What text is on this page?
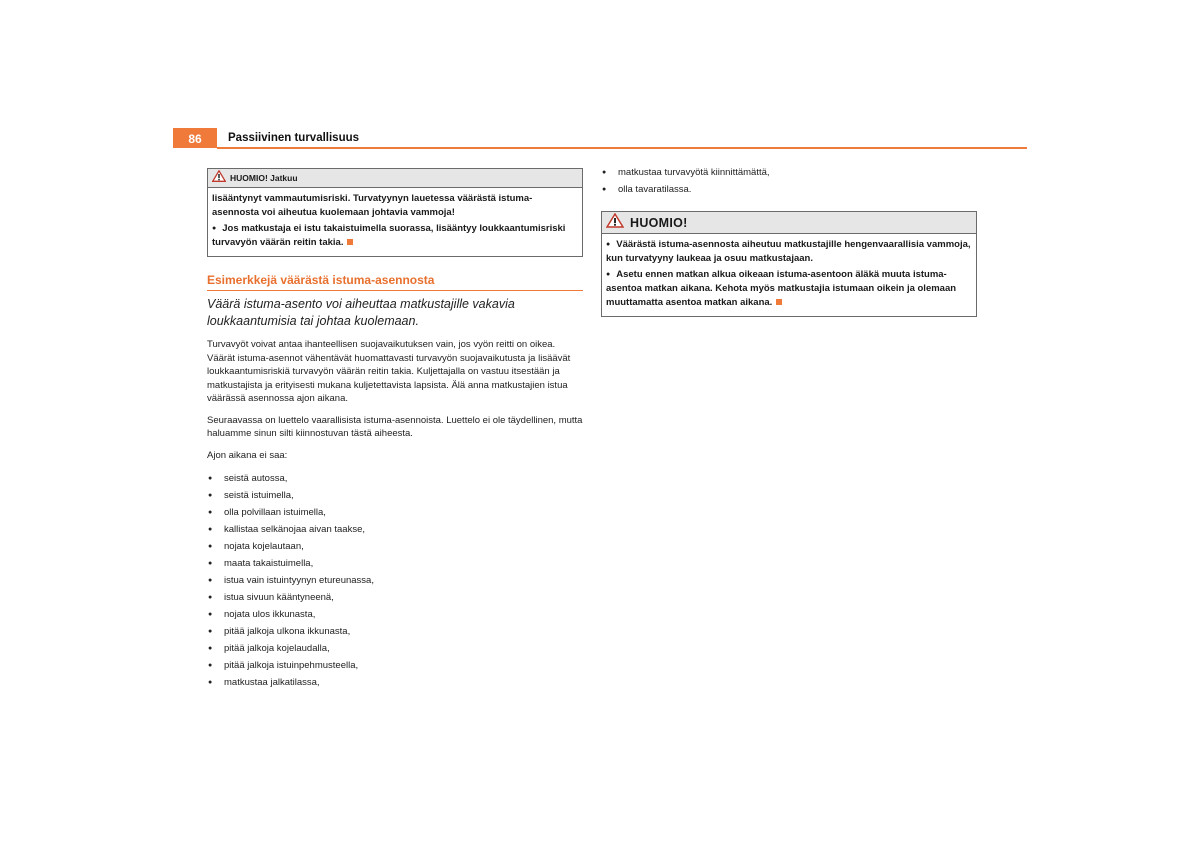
86	Passiivinen turvallisuus
HUOMIO! Jatkuu

lisääntynyt vammautumisriski. Turvatyynyn lauetessa väärästä istuma-asennosta voi aiheutua kuolemaan johtavia vammoja!

● Jos matkustaja ei istu takaistuimella suorassa, lisääntyy loukkaantumisriski turvavyön väärän reitin takia.

Esimerkkejä väärästä istuma-asennosta
Väärä istuma-asento voi aiheuttaa matkustajille vakavia loukkaantumisia tai johtaa kuolemaan.
Turvavyöt voivat antaa ihanteellisen suojavaikutuksen vain, jos vyön reitti on oikea. Väärät istuma-asennot vähentävät huomattavasti turvavyön suojavaikutusta ja lisäävät loukkaantumisriskiä turvavyön väärän reitin takia. Kuljettajalla on vastuu itsestään ja matkustajista ja erityisesti mukana kuljetettavista lapsista. Älä anna matkustajien istua väärässä asennossa ajon aikana.
Seuraavassa on luettelo vaarallisista istuma-asennoista. Luettelo ei ole täydellinen, mutta haluamme sinun silti kiinnostuvan tästä aiheesta.
Ajon aikana ei saa:
● seistä autossa,
● seistä istuimella,
● olla polvillaan istuimella,
● kallistaa selkänojaa aivan taakse,
● nojata kojelautaan,
● maata takaistuimella,
● istua vain istuintyynyn etureunassa,
● istua sivuun kääntyneenä,
● nojata ulos ikkunasta,
● pitää jalkoja ulkona ikkunasta,
● pitää jalkoja kojelaudalla,
● pitää jalkoja istuinpehmusteella,
● matkustaa jalkatilassa,
● matkustaa turvavyötä kiinnittämättä,
● olla tavaratilassa.
HUOMIO!

● Väärästä istuma-asennosta aiheutuu matkustajille hengenvaarallisia vammoja, kun turvatyyny laukeaa ja osuu matkustajaan.

● Asetu ennen matkan alkua oikeaan istuma-asentoon äläkä muuta istuma-asentoa matkan aikana. Kehota myös matkustajia istumaan oikein ja olemaan muuttamatta asentoa matkan aikana.
